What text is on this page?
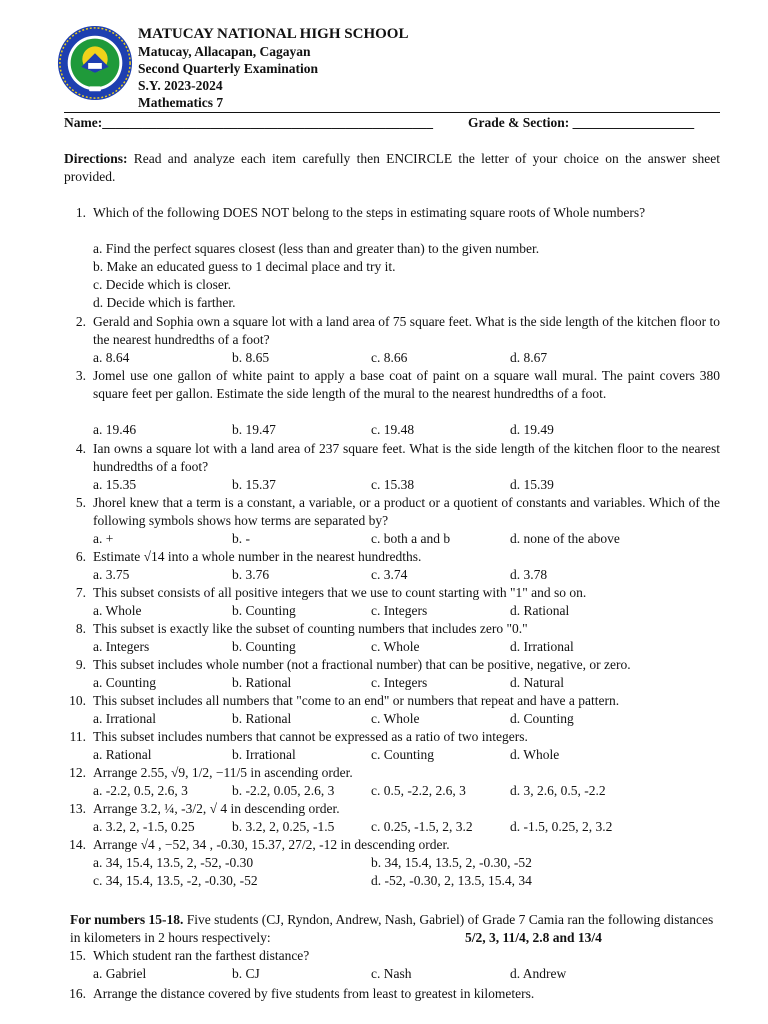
MATUCAY NATIONAL HIGH SCHOOL
Matucay, Allacapan, Cagayan
Second Quarterly Examination
S.Y. 2023-2024
Mathematics 7
Name:_________________________________________________	Grade & Section: __________________
Directions: Read and analyze each item carefully then ENCIRCLE the letter of your choice on the answer sheet provided.
1. Which of the following DOES NOT belong to the steps in estimating square roots of Whole numbers?
a. Find the perfect squares closest (less than and greater than) to the given number.
b. Make an educated guess to 1 decimal place and try it.
c. Decide which is closer.
d. Decide which is farther.
2. Gerald and Sophia own a square lot with a land area of 75 square feet. What is the side length of the kitchen floor to the nearest hundredths of a foot?
a. 8.64	b. 8.65	c. 8.66	d. 8.67
3. Jomel use one gallon of white paint to apply a base coat of paint on a square wall mural. The paint covers 380 square feet per gallon. Estimate the side length of the mural to the nearest hundredths of a foot.
a. 19.46	b. 19.47	c. 19.48	d. 19.49
4. Ian owns a square lot with a land area of 237 square feet. What is the side length of the kitchen floor to the nearest hundredths of a foot?
a. 15.35	b. 15.37	c. 15.38	d. 15.39
5. Jhorel knew that a term is a constant, a variable, or a product or a quotient of constants and variables. Which of the following symbols shows how terms are separated by?
a. +	b. -	c. both a and b	d. none of the above
6. Estimate √14 into a whole number in the nearest hundredths.
a. 3.75	b. 3.76	c. 3.74	d. 3.78
7. This subset consists of all positive integers that we use to count starting with "1" and so on.
a. Whole	b. Counting	c. Integers	d. Rational
8. This subset is exactly like the subset of counting numbers that includes zero "0."
a. Integers	b. Counting	c. Whole	d. Irrational
9. This subset includes whole number (not a fractional number) that can be positive, negative, or zero.
a. Counting	b. Rational	c. Integers	d. Natural
10. This subset includes all numbers that "come to an end" or numbers that repeat and have a pattern.
a. Irrational	b. Rational	c. Whole	d. Counting
11. This subset includes numbers that cannot be expressed as a ratio of two integers.
a. Rational	b. Irrational	c. Counting	d. Whole
12. Arrange 2.55, √9, 1/2, −11/5 in ascending order.
a. -2.2, 0.5, 2.6, 3	b. -2.2, 0.05, 2.6, 3	c. 0.5, -2.2, 2.6, 3	d. 3, 2.6, 0.5, -2.2
13. Arrange 3.2, ¼, -3/2, √ 4 in descending order.
a. 3.2, 2, -1.5, 0.25	b. 3.2, 2, 0.25, -1.5	c. 0.25, -1.5, 2, 3.2	d. -1.5, 0.25, 2, 3.2
14. Arrange √4 , −52, 34 , -0.30, 15.37, 27/2, -12 in descending order.
a. 34, 15.4, 13.5, 2, -52, -0.30	b. 34, 15.4, 13.5, 2, -0.30, -52
c. 34, 15.4, 13.5, -2, -0.30, -52	d. -52, -0.30, 2, 13.5, 15.4, 34
For numbers 15-18. Five students (CJ, Ryndon, Andrew, Nash, Gabriel) of Grade 7 Camia ran the following distances in kilometers in 2 hours respectively:	5/2, 3, 11/4, 2.8 and 13/4
15. Which student ran the farthest distance?
a. Gabriel	b. CJ	c. Nash	d. Andrew
16. Arrange the distance covered by five students from least to greatest in kilometers.
